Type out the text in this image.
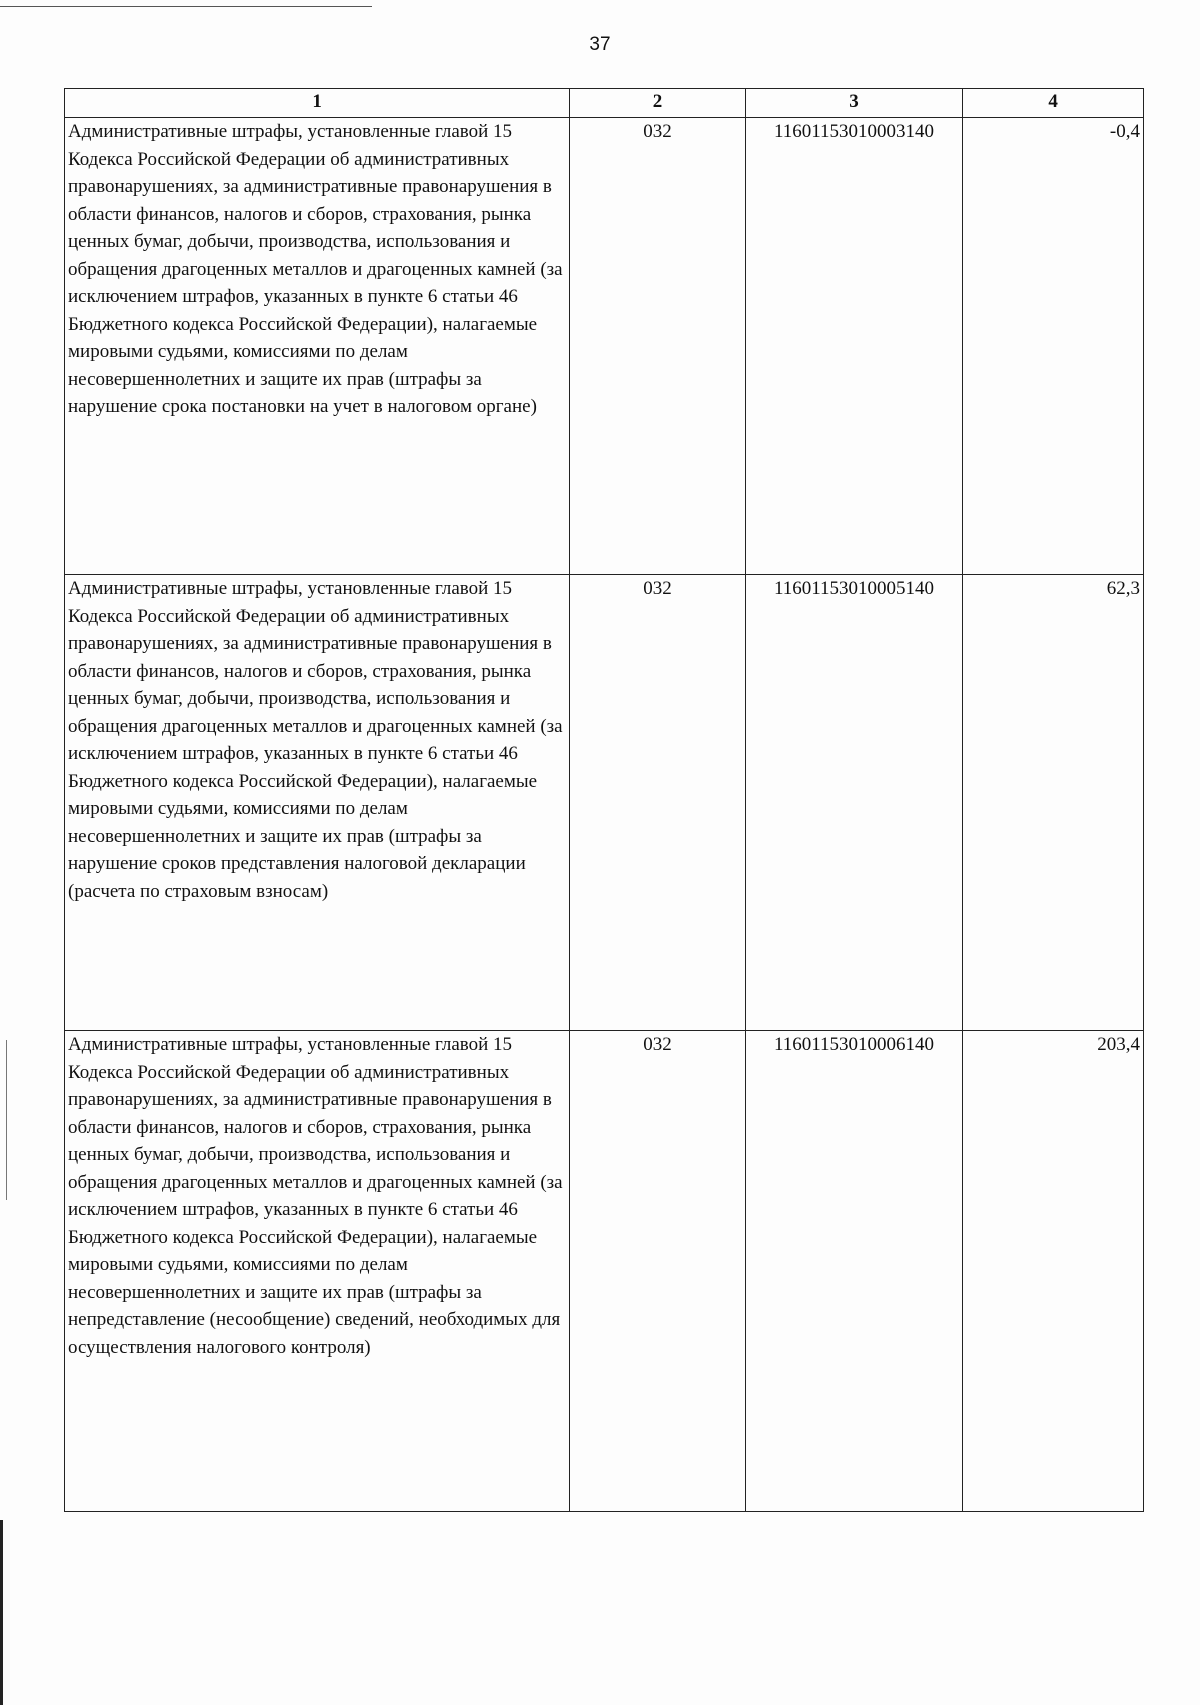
37
1	2	3	4
Административные штрафы, установленные главой 15 Кодекса Российской Федерации об административных правонарушениях, за административные правонарушения в области финансов, налогов и сборов, страхования, рынка ценных бумаг, добычи, производства, использования и обращения драгоценных металлов и драгоценных камней (за исключением штрафов, указанных в пункте 6 статьи 46 Бюджетного кодекса Российской Федерации), налагаемые мировыми судьями, комиссиями по делам несовершеннолетних и защите их прав (штрафы за нарушение срока постановки на учет в налоговом органе)	032	11601153010003140	-0,4
Административные штрафы, установленные главой 15 Кодекса Российской Федерации об административных правонарушениях, за административные правонарушения в области финансов, налогов и сборов, страхования, рынка ценных бумаг, добычи, производства, использования и обращения драгоценных металлов и драгоценных камней (за исключением штрафов, указанных в пункте 6 статьи 46 Бюджетного кодекса Российской Федерации), налагаемые мировыми судьями, комиссиями по делам несовершеннолетних и защите их прав (штрафы за нарушение сроков представления налоговой декларации (расчета по страховым взносам)	032	11601153010005140	62,3
Административные штрафы, установленные главой 15 Кодекса Российской Федерации об административных правонарушениях, за административные правонарушения в области финансов, налогов и сборов, страхования, рынка ценных бумаг, добычи, производства, использования и обращения драгоценных металлов и драгоценных камней (за исключением штрафов, указанных в пункте 6 статьи 46 Бюджетного кодекса Российской Федерации), налагаемые мировыми судьями, комиссиями по делам несовершеннолетних и защите их прав (штрафы за непредставление (несообщение) сведений, необходимых для осуществления налогового контроля)	032	11601153010006140	203,4
